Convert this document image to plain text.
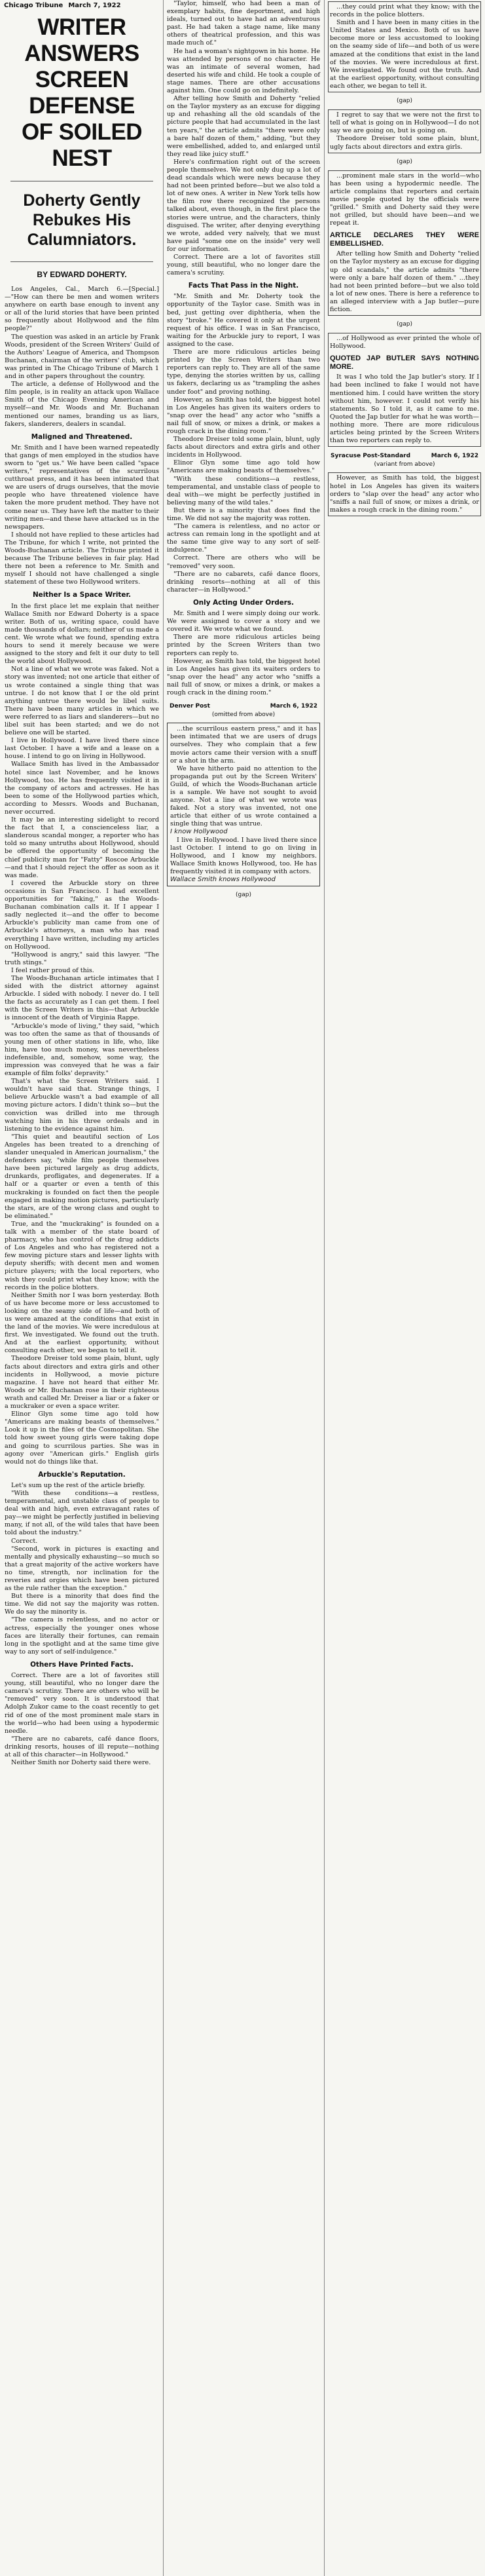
Chicago Tribune March 7, 1922
WRITER ANSWERS
SCREEN DEFENSE
OF SOILED NEST
Doherty Gently
Rebukes His
Calumniators.
BY EDWARD DOHERTY.

Los Angeles, Cal., March 6.—[Special.]—"How can there be men and women writers anywhere on earth base enough to invent any or all of the lurid stories that have been printed so frequently about Hollywood and the film people?"

The question was asked in an article by Frank Woods, president of the Screen Writers' Guild of the Authors' League of America, and Thompson Buchanan, chairman of the writers' club, which was printed in The Chicago Tribune of March 1 and in other papers throughout the country.

The article, a defense of Hollywood and the film people, is in reality an attack upon Wallace Smith of the Chicago Evening American and myself—and Mr. Woods and Mr. Buchanan mentioned our names, branding us as liars, fakers, slanderers, dealers in scandal.

Maligned and Threatened.

Mr. Smith and I have been warned repeatedly that gangs of men employed in the studios have sworn to "get us." We have been called "space writers," representatives of the scurrilous cutthroat press, and it has been intimated that we are users of drugs ourselves, that the movie people who have threatened violence have taken the more prudent method. They have not come near us. They have left the matter to their writing men—and these have attacked us in the newspapers.

I should not have replied to these articles had The Tribune, for which I write, not printed the Woods-Buchanan article. The Tribune printed it because The Tribune believes in fair play. Had there not been a reference to Mr. Smith and myself I should not have challenged a single statement of these two Hollywood writers.

Neither Is a Space Writer.

In the first place let me explain that neither Wallace Smith nor Edward Doherty is a space writer. Both of us, writing space, could have made thousands of dollars; neither of us made a cent. We wrote what we found, spending extra hours to send it merely because we were assigned to the story and felt it our duty to tell the world about Hollywood.

Not a line of what we wrote was faked. Not a story was invented; not one article that either of us wrote contained a single thing that was untrue. I do not know that I or the old print anything untrue there would be libel suits. There have been many articles in which we were referred to as liars and slanderers—but no libel suit has been started; and we do not believe one will be started.

I live in Hollywood. I have lived there since last October. I have a wife and a lease on a house. I intend to go on living in Hollywood.

Wallace Smith has lived in the Ambassador hotel since last November, and he knows Hollywood, too. He has frequently visited it in the company of actors and actresses. He has been to some of the Hollywood parties which, according to Messrs. Woods and Buchanan, never occurred.

It may be an interesting sidelight to record the fact that I, a conscienceless liar, a slanderous scandal monger, a reporter who has told so many untruths about Hollywood, should be offered the opportunity of becoming the chief publicity man for "Fatty" Roscoe Arbuckle—and that I should reject the offer as soon as it was made.

I covered the Arbuckle story on three occasions in San Francisco. I had excellent opportunities for "faking," as the Woods-Buchanan combination calls it. If I appear I sadly neglected it—and the offer to become Arbuckle's publicity man came from one of Arbuckle's attorneys, a man who has read everything I have written, including my articles on Hollywood.

"Hollywood is angry," said this lawyer. "The truth stings."

I feel rather proud of this.

The Woods-Buchanan article intimates that I sided with the district attorney against Arbuckle. I sided with nobody. I never do. I tell the facts as accurately as I can get them. I feel with the Screen Writers in this—that Arbuckle is innocent of the death of Virginia Rappe.

"Arbuckle's mode of living," they said, "which was too often the same as that of thousands of young men of other stations in life, who, like him, have too much money, was nevertheless indefensible, and, somehow, some way, the impression was conveyed that he was a fair example of film folks' depravity."

That's what the Screen Writers said. I wouldn't have said that. Strange things, I believe Arbuckle wasn't a bad example of all moving picture actors. I didn't think so—but the conviction was drilled into me through watching him in his three ordeals and in listening to the evidence against him.

"This quiet and beautiful section of Los Angeles has been treated to a drenching of slander unequaled in American journalism," the defenders say, "while film people themselves have been pictured largely as drug addicts, drunkards, profligates, and degenerates. If a half or a quarter or even a tenth of this muckraking is founded on fact then the people engaged in making motion pictures, particularly the stars, are of the wrong class and ought to be eliminated."

True, and the "muckraking" is founded on a talk with a member of the state board of pharmacy, who has control of the drug addicts of Los Angeles and who has registered not a few moving picture stars and lesser lights with deputy sheriffs; with decent men and women picture players; with the local reporters, who wish they could print what they know; with the records in the police blotters.

Neither Smith nor I was born yesterday. Both of us have become more or less accustomed to looking on the seamy side of life—and both of us were amazed at the conditions that exist in the land of the movies. We were incredulous at first. We investigated. We found out the truth. And at the earliest opportunity, without consulting each other, we began to tell it.

Theodore Dreiser told some plain, blunt, ugly facts about directors and extra girls and other incidents in Hollywood, a movie picture magazine. I have not heard that either Mr. Woods or Mr. Buchanan rose in their righteous wrath and called Mr. Dreiser a liar or a faker or a muckraker or even a space writer.

Elinor Glyn some time ago told how "Americans are making beasts of themselves." Look it up in the files of the Cosmopolitan. She told how sweet young girls were taking dope and going to scurrilous parties. She was in agony over "American girls." English girls would not do things like that.

Arbuckle's Reputation.

Let's sum up the rest of the article briefly.

"With these conditions—a restless, temperamental, and unstable class of people to deal with and high, even extravagant rates of pay—we might be perfectly justified in believing many, if not all, of the wild tales that have been told about the industry."

Correct.

"Second, work in pictures is exacting and mentally and physically exhausting—so much so that a great majority of the active workers have no time, strength, nor inclination for the reveries and orgies which have been pictured as the rule rather than the exception."

But there is a minority that does find the time. We did not say the majority was rotten. We do say the minority is.

"The camera is relentless, and no actor or actress, especially the younger ones whose faces are literally their fortunes, can remain long in the spotlight and at the same time give way to any sort of self-indulgence."

Others Have Printed Facts.

Correct. There are a lot of favorites still young, still beautiful, who no longer dare the camera's scrutiny. There are others who will be "removed" very soon. It is understood that Adolph Zukor came to the coast recently to get rid of one of the most prominent male stars in the world—who had been using a hypodermic needle.

"There are no cabarets, café dance floors, drinking resorts, houses of ill repute—nothing at all of this character—in Hollywood."

Neither Smith nor Doherty said there were.

"Taylor, himself, who had been a man of exemplary habits, fine deportment, and high ideals, turned out to have had an adventurous past. He had taken a stage name, like many others of theatrical profession, and this was made much of."

He had a woman's nightgown in his home. He was attended by persons of no character. He was an intimate of several women, had deserted his wife and child. He took a couple of stage names. There are other accusations against him. One could go on indefinitely.

After telling how Smith and Doherty "relied on the Taylor mystery as an excuse for digging up and rehashing all the old scandals of the picture people that had accumulated in the last ten years," the article admits "there were only a bare half dozen of them," adding, "but they were embellished, added to, and enlarged until they read like juicy stuff."

Here's confirmation right out of the screen people themselves. We not only dug up a lot of dead scandals which were news because they had not been printed before—but we also told a lot of new ones. A writer in New York tells how the film row there recognized the persons talked about, even though, in the first place the stories were untrue, and the characters, thinly disguised. The writer, after denying everything we wrote, added very naïvely, that we must have paid "some one on the inside" very well for our information.

Correct. There are a lot of favorites still young, still beautiful, who no longer dare the camera's scrutiny.

Facts That Pass in the Night.

"Mr. Smith and Mr. Doherty took the opportunity of the Taylor case. Smith was in bed, just getting over diphtheria, when the story "broke." He covered it only at the urgent request of his office. I was in San Francisco, waiting for the Arbuckle jury to report, I was assigned to the case.

There are more ridiculous articles being printed by the Screen Writers than two reporters can reply to. They are all of the same type, denying the stories written by us, calling us fakers, declaring us as "trampling the ashes under foot" and proving nothing.

However, as Smith has told, the biggest hotel in Los Angeles has given its waiters orders to "snap over the head" any actor who "sniffs a nail full of snow, or mixes a drink, or makes a rough crack in the dining room."

Theodore Dreiser told some plain, blunt, ugly facts about directors and extra girls and other incidents in Hollywood.

Elinor Glyn some time ago told how "Americans are making beasts of themselves."

"With these conditions—a restless, temperamental, and unstable class of people to deal with—we might be perfectly justified in believing many of the wild tales."

But there is a minority that does find the time. We did not say the majority was rotten.

"The camera is relentless, and no actor or actress can remain long in the spotlight and at the same time give way to any sort of self-indulgence."

Correct. There are others who will be "removed" very soon.

"There are no cabarets, café dance floors, drinking resorts—nothing at all of this character—in Hollywood."

Only Acting Under Orders.

Mr. Smith and I were simply doing our work. We were assigned to cover a story and we covered it. We wrote what we found.

There are more ridiculous articles being printed by the Screen Writers than two reporters can reply to.

However, as Smith has told, the biggest hotel in Los Angeles has given its waiters orders to "snap over the head" any actor who "sniffs a nail full of snow, or mixes a drink, or makes a rough crack in the dining room."

Denver Post	March 6, 1922
(omitted from above)

...the scurrilous eastern press," and it has been intimated that we are users of drugs ourselves. They who complain that a few movie actors came their version with a snuff or a shot in the arm.

We have hitherto paid no attention to the propaganda put out by the Screen Writers' Guild, of which the Woods-Buchanan article is a sample. We have not sought to avoid anyone. Not a line of what we wrote was faked. Not a story was invented, not one article that either of us wrote contained a single thing that was untrue.

I know Hollywood

I live in Hollywood. I have lived there since last October. I intend to go on living in Hollywood, and I know my neighbors. Wallace Smith knows Hollywood, too. He has frequently visited it in company with actors.

Wallace Smith knows Hollywood
(gap)

...they could print what they know; with the records in the police blotters.

Smith and I have been in many cities in the United States and Mexico. Both of us have become more or less accustomed to looking on the seamy side of life—and both of us were amazed at the conditions that exist in the land of the movies. We were incredulous at first. We investigated. We found out the truth. And at the earliest opportunity, without consulting each other, we began to tell it.

(gap)

I regret to say that we were not the first to tell of what is going on in Hollywood—I do not say we are going on, but is going on.

Theodore Dreiser told some plain, blunt, ugly facts about directors and extra girls.

(gap)

...prominent male stars in the world—who has been using a hypodermic needle. The article complains that reporters and certain movie people quoted by the officials were "grilled." Smith and Doherty said they were not grilled, but should have been—and we repeat it.

ARTICLE DECLARES THEY WERE EMBELLISHED.

After telling how Smith and Doherty "relied on the Taylor mystery as an excuse for digging up old scandals," the article admits "there were only a bare half dozen of them." ...they had not been printed before—but we also told a lot of new ones. There is here a reference to an alleged interview with a Jap butler—pure fiction.

(gap)

...of Hollywood as ever printed the whole of Hollywood.

QUOTED JAP BUTLER SAYS NOTHING MORE.

It was I who told the Jap butler's story. If I had been inclined to fake I would not have mentioned him. I could have written the story without him, however. I could not verify his statements. So I told it, as it came to me. Quoted the Jap butler for what he was worth—nothing more. There are more ridiculous articles being printed by the Screen Writers than two reporters can reply to.

Syracuse Post-Standard	March 6, 1922
(variant from above)

However, as Smith has told, the biggest hotel in Los Angeles has given its waiters orders to "slap over the head" any actor who "sniffs a nail full of snow, or mixes a drink, or makes a rough crack in the dining room."
